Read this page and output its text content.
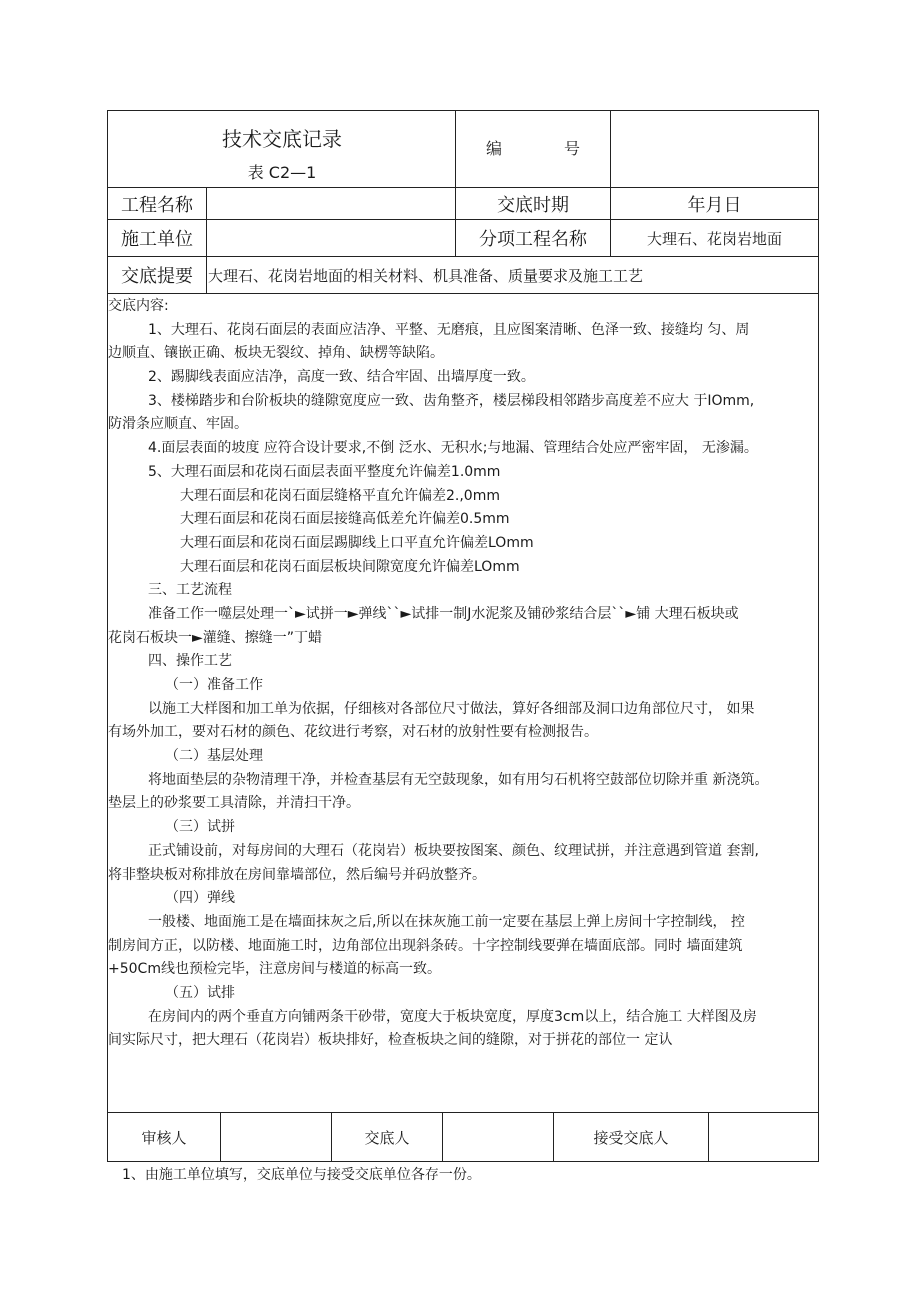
技术交底记录
表 C2—1
编	号
工程名称	交底时期	年月日
施工单位	分项工程名称	大理石、花岗岩地面
交底提要	大理石、花岗岩地面的相关材料、机具准备、质量要求及施工工艺
交底内容:
1、大理石、花岗石面层的表面应洁净、平整、无磨痕，且应图案清晰、色泽一致、接缝均 匀、周
边顺直、镶嵌正确、板块无裂纹、掉角、缺楞等缺陷。
2、踢脚线表面应洁净，高度一致、结合牢固、出墙厚度一致。
3、楼梯踏步和台阶板块的缝隙宽度应一致、齿角整齐，楼层梯段相邻踏步高度差不应大 于IOmm,
防滑条应顺直、牢固。
4.面层表面的坡度 应符合设计要求,不倒 泛水、无积水;与地漏、管理结合处应严密牢固， 无渗漏。
5、大理石面层和花岗石面层表面平整度允许偏差1.0mm
大理石面层和花岗石面层缝格平直允许偏差2.,0mm
大理石面层和花岗石面层接缝高低差允许偏差0.5mm
大理石面层和花岗石面层踢脚线上口平直允许偏差LOmm
大理石面层和花岗石面层板块间隙宽度允许偏差LOmm
三、工艺流程
准备工作一噬层处理一`►试拼一►弹线``►试排一制J水泥浆及铺砂浆结合层``►铺 大理石板块或
花岗石板块一►灌缝、擦缝一”丁蜡
四、操作工艺
（一）准备工作
以施工大样图和加工单为依据，仔细核对各部位尺寸做法，算好各细部及洞口边角部位尺寸， 如果
有场外加工，要对石材的颜色、花纹进行考察，对石材的放射性要有检测报告。
（二）基层处理
将地面垫层的杂物清理干净，并检查基层有无空鼓现象，如有用匀石机将空鼓部位切除并重 新浇筑。
垫层上的砂浆要工具清除，并清扫干净。
（三）试拼
正式铺设前，对每房间的大理石（花岗岩）板块要按图案、颜色、纹理试拼，并注意遇到管道 套割,
将非整块板对称排放在房间靠墙部位，然后编号并码放整齐。
（四）弹线
一般楼、地面施工是在墙面抹灰之后,所以在抹灰施工前一定要在基层上弹上房间十字控制线， 控
制房间方正，以防楼、地面施工时，边角部位出现斜条砖。十字控制线要弹在墙面底部。同时 墙面建筑
+50Cm线也预检完毕，注意房间与楼道的标高一致。
（五）试排
在房间内的两个垂直方向铺两条干砂带，宽度大于板块宽度，厚度3cm以上，结合施工 大样图及房
间实际尺寸，把大理石（花岗岩）板块排好，检查板块之间的缝隙，对于拼花的部位一 定认
审核人	交底人	接受交底人
1、由施工单位填写，交底单位与接受交底单位各存一份。
